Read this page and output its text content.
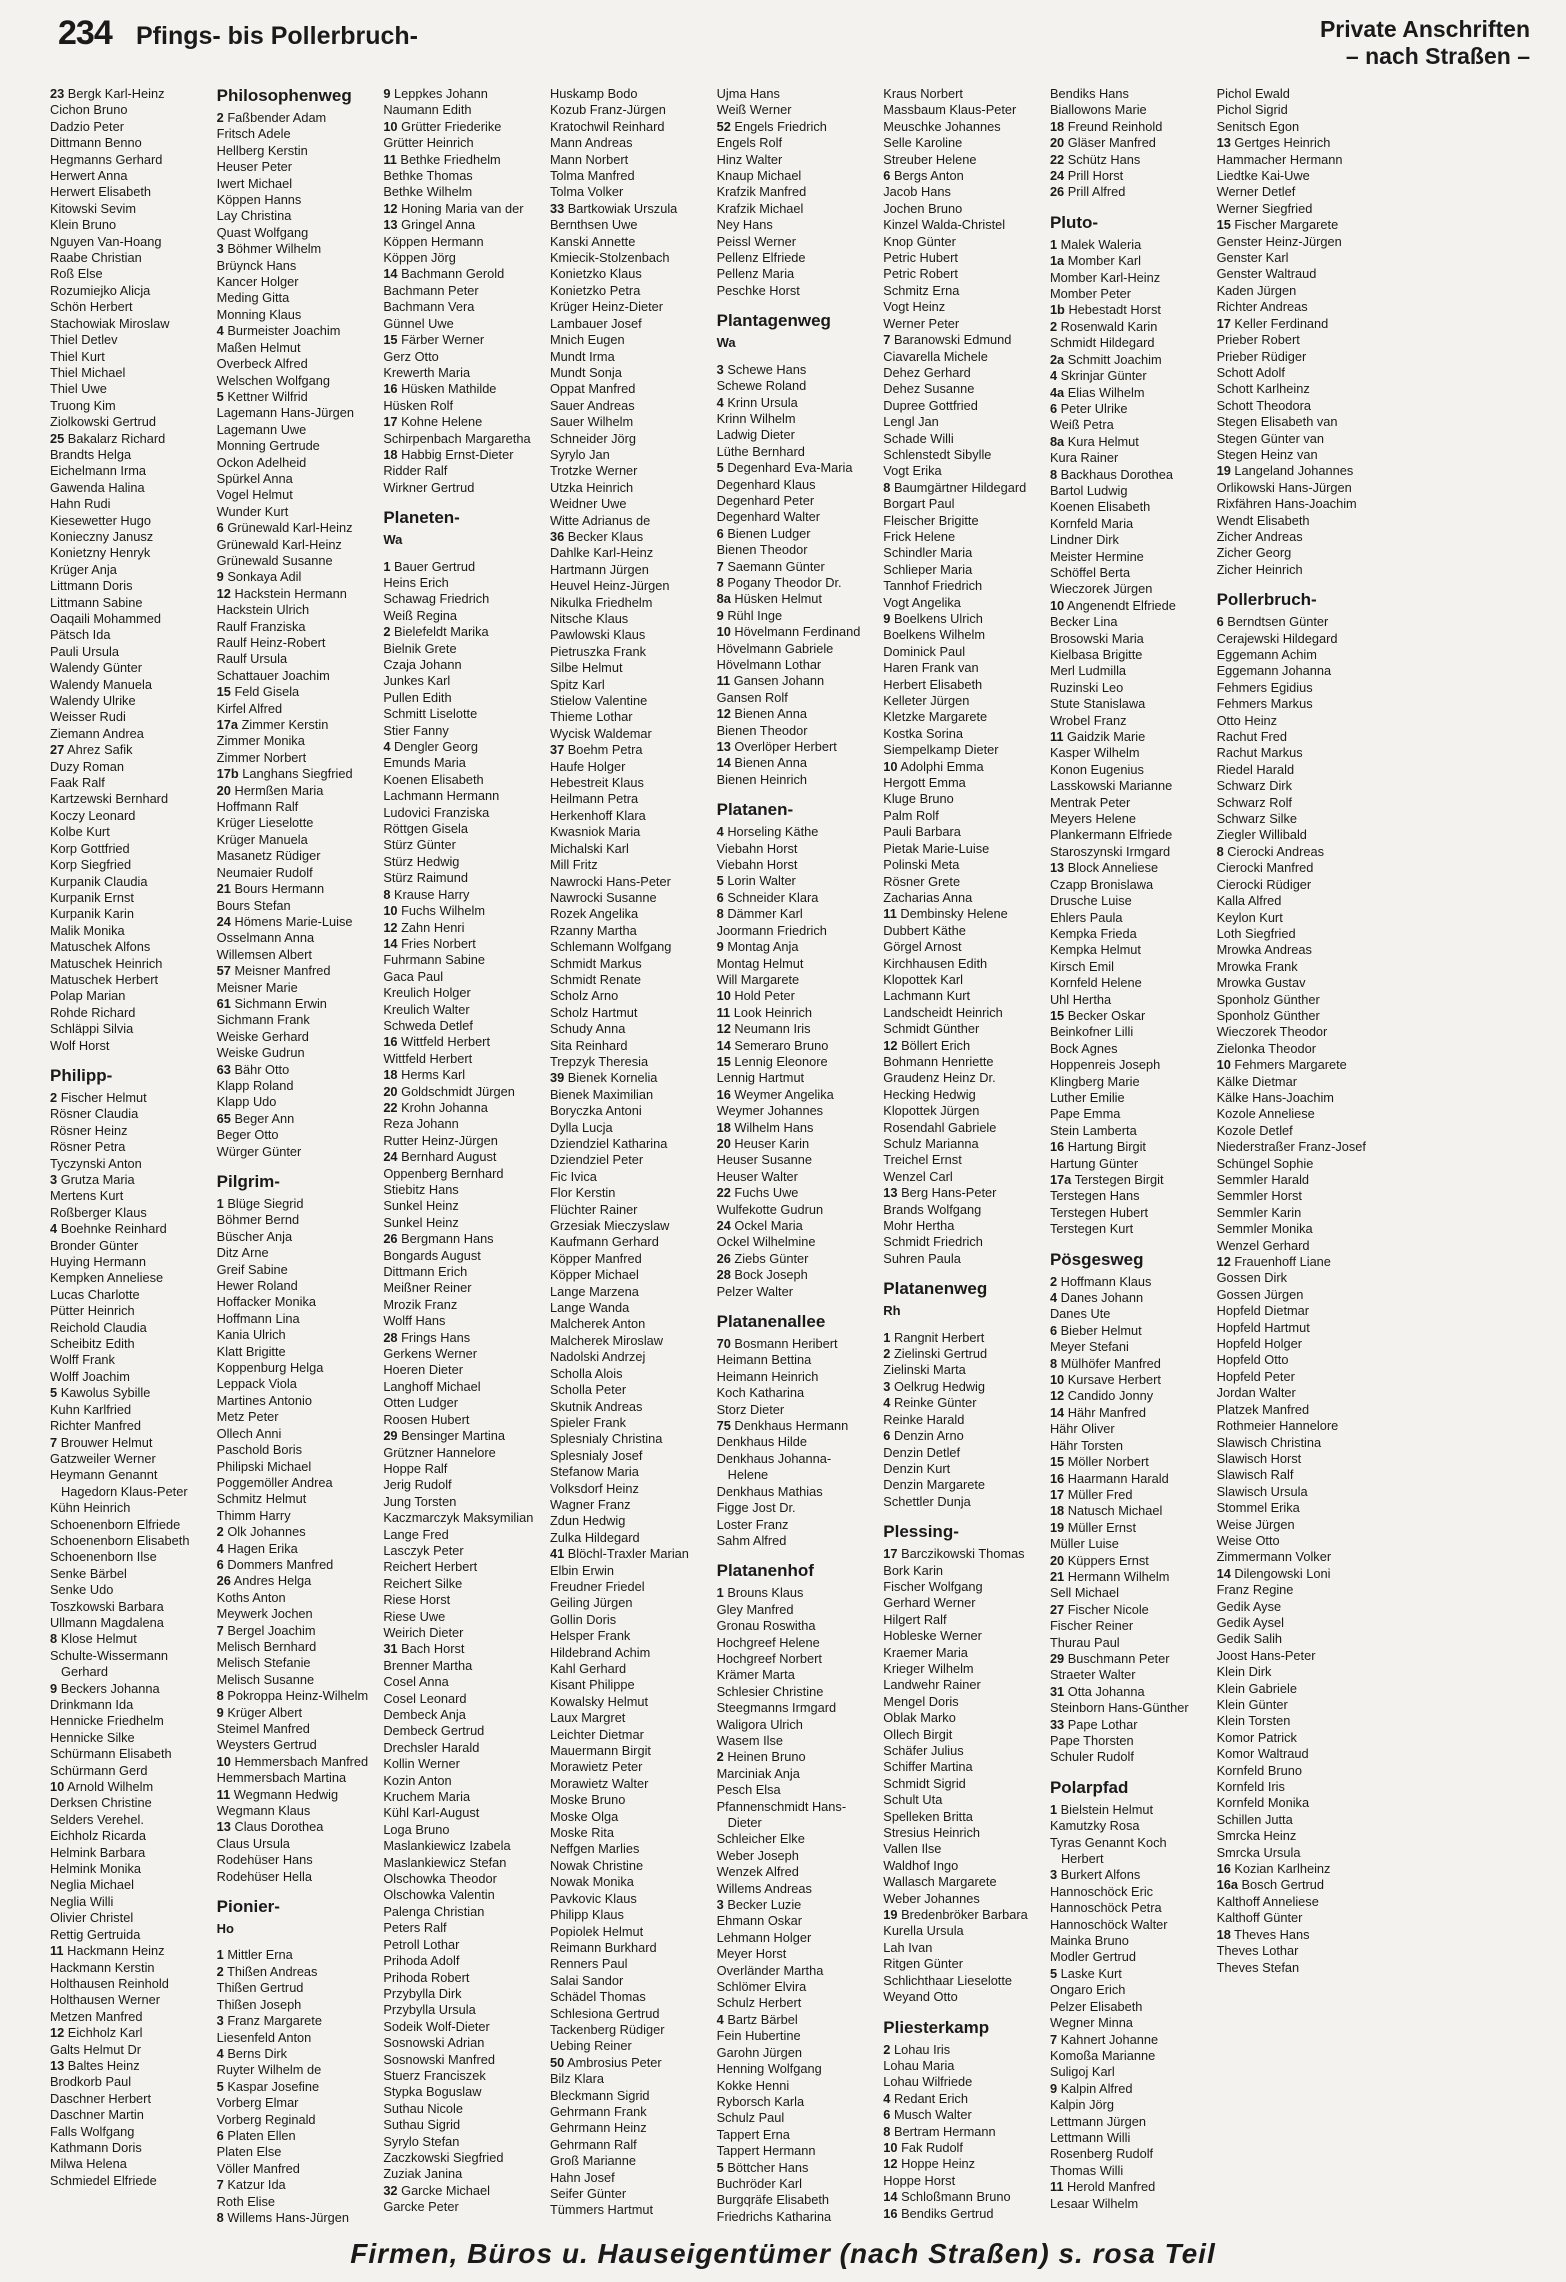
234 Pfings- bis Pollerbruch-	Private Anschriften
– nach Straßen –
23 Bergk Karl-Heinz
Cichon Bruno
Dadzio Peter
Dittmann Benno
Hegmanns Gerhard
Herwert Anna
Herwert Elisabeth
Kitowski Sevim
Klein Bruno
Nguyen Van-Hoang
Raabe Christian
Roß Else
Rozumiejko Alicja
Schön Herbert
Stachowiak Miroslaw
Thiel Detlev
Thiel Kurt
Thiel Michael
Thiel Uwe
Truong Kim
Ziolkowski Gertrud
25 Bakalarz Richard
Brandts Helga
Eichelmann Irma
Gawenda Halina
Hahn Rudi
Kiesewetter Hugo
Konieczny Janusz
Konietzny Henryk
Krüger Anja
Littmann Doris
Littmann Sabine
Oaqaili Mohammed
Pätsch Ida
Pauli Ursula
Walendy Günter
Walendy Manuela
Walendy Ulrike
Weisser Rudi
Ziemann Andrea
27 Ahrez Safik
Duzy Roman
Faak Ralf
Kartzewski Bernhard
Koczy Leonard
Kolbe Kurt
Korp Gottfried
Korp Siegfried
Kurpanik Claudia
Kurpanik Ernst
Kurpanik Karin
Malik Monika
Matuschek Alfons
Matuschek Heinrich
Matuschek Herbert
Polap Marian
Rohde Richard
Schläppi Silvia
Wolf Horst
Philipp-
2 Fischer Helmut
Rösner Claudia
Rösner Heinz
Rösner Petra
Tyczynski Anton
3 Grutza Maria
Mertens Kurt
Roßberger Klaus
4 Boehnke Reinhard
Bronder Günter
Huying Hermann
Kempken Anneliese
Lucas Charlotte
Pütter Heinrich
Reichold Claudia
Scheibitz Edith
Wolff Frank
Wolff Joachim
5 Kawolus Sybille
Kuhn Karlfried
Richter Manfred
7 Brouwer Helmut
Gatzweiler Werner
Heymann Genannt Hagedorn Klaus-Peter
Kühn Heinrich
Schoenenborn Elfriede
Schoenenborn Elisabeth
Schoenenborn Ilse
Senke Bärbel
Senke Udo
Toszkowski Barbara
Ullmann Magdalena
8 Klose Helmut
Schulte-Wissermann Gerhard
9 Beckers Johanna
Drinkmann Ida
Hennicke Friedhelm
Hennicke Silke
Schürmann Elisabeth
Schürmann Gerd
10 Arnold Wilhelm
Derksen Christine
Selders Verehel.
Eichholz Ricarda
Helmink Barbara
Helmink Monika
Neglia Michael
Neglia Willi
Olivier Christel
Rettig Gertruida
11 Hackmann Heinz
Hackmann Kerstin
Holthausen Reinhold
Holthausen Werner
Metzen Manfred
12 Eichholz Karl
Galts Helmut Dr
13 Baltes Heinz
Brodkorb Paul
Daschner Herbert
Daschner Martin
Falls Wolfgang
Kathmann Doris
Milwa Helena
Schmiedel Elfriede
Philosophenweg
2 Faßbender Adam
Fritsch Adele
Hellberg Kerstin
Heuser Peter
Iwert Michael
Köppen Hanns
Lay Christina
Quast Wolfgang
3 Böhmer Wilhelm
Brüynck Hans
Kancer Holger
Meding Gitta
Monning Klaus
4 Burmeister Joachim
Maßen Helmut
Overbeck Alfred
Welschen Wolfgang
5 Kettner Wilfrid
Lagemann Hans-Jürgen
Lagemann Uwe
Monning Gertrude
Ockon Adelheid
Spürkel Anna
Vogel Helmut
Wunder Kurt
6 Grünewald Karl-Heinz
Grünewald Karl-Heinz
Grünewald Susanne
9 Sonkaya Adil
12 Hackstein Hermann
Hackstein Ulrich
Raulf Franziska
Raulf Heinz-Robert
Raulf Ursula
Schattauer Joachim
15 Feld Gisela
Kirfel Alfred
17a Zimmer Kerstin
Zimmer Monika
Zimmer Norbert
17b Langhans Siegfried
20 Hermßen Maria
Hoffmann Ralf
Krüger Lieselotte
Krüger Manuela
Masanetz Rüdiger
Neumaier Rudolf
21 Bours Hermann
Bours Stefan
24 Hömens Marie-Luise
Osselmann Anna
Willemsen Albert
57 Meisner Manfred
Meisner Marie
61 Sichmann Erwin
Sichmann Frank
Weiske Gerhard
Weiske Gudrun
63 Bähr Otto
Klapp Roland
Klapp Udo
65 Beger Ann
Beger Otto
Würger Günter
Pilgrim-
1 Blüge Siegrid
Böhmer Bernd
Büscher Anja
Ditz Arne
Greif Sabine
Hewer Roland
Hoffacker Monika
Hoffmann Lina
Kania Ulrich
Klatt Brigitte
Koppenburg Helga
Leppack Viola
Martines Antonio
Metz Peter
Ollech Anni
Paschold Boris
Philipski Michael
Poggemöller Andrea
Schmitz Helmut
Thimm Harry
2 Olk Johannes
4 Hagen Erika
6 Dommers Manfred
26 Andres Helga
Koths Anton
Meywerk Jochen
7 Bergel Joachim
Melisch Bernhard
Melisch Stefanie
Melisch Susanne
8 Pokroppa Heinz-Wilhelm
9 Krüger Albert
Steimel Manfred
Weysters Gertrud
10 Hemmersbach Manfred
Hemmersbach Martina
11 Wegmann Hedwig
Wegmann Klaus
13 Claus Dorothea
Claus Ursula
Rodehüser Hans
Rodehüser Hella
Pionier-
Ho
1 Mittler Erna
2 Thißen Andreas
Thißen Gertrud
Thißen Joseph
3 Franz Margarete
Liesenfeld Anton
4 Berns Dirk
Ruyter Wilhelm de
5 Kaspar Josefine
Vorberg Elmar
Vorberg Reginald
6 Platen Ellen
Platen Else
Völler Manfred
7 Katzur Ida
Roth Elise
8 Willems Hans-Jürgen
9 Leppkes Johann
Naumann Edith
10 Grütter Friederike
Grütter Heinrich
11 Bethke Friedhelm
Bethke Thomas
Bethke Wilhelm
12 Honing Maria van der
13 Gringel Anna
Köppen Hermann
Köppen Jörg
14 Bachmann Gerold
Bachmann Peter
Bachmann Vera
Günnel Uwe
15 Färber Werner
Gerz Otto
Krewerth Maria
16 Hüsken Mathilde
Hüsken Rolf
17 Kohne Helene
Schirpenbach Margaretha
18 Habbig Ernst-Dieter
Ridder Ralf
Wirkner Gertrud
Planeten-
Wa
1 Bauer Gertrud
Heins Erich
Schawag Friedrich
Weiß Regina
2 Bielefeldt Marika
Bielnik Grete
Czaja Johann
Junkes Karl
Pullen Edith
Schmitt Liselotte
Stier Fanny
4 Dengler Georg
Emunds Maria
Koenen Elisabeth
Lachmann Hermann
Ludovici Franziska
Röttgen Gisela
Stürz Günter
Stürz Hedwig
Stürz Raimund
8 Krause Harry
10 Fuchs Wilhelm
12 Zahn Henri
14 Fries Norbert
Fuhrmann Sabine
Gaca Paul
Kreulich Holger
Kreulich Walter
Schweda Detlef
16 Wittfeld Herbert
Wittfeld Herbert
18 Herms Karl
20 Goldschmidt Jürgen
22 Krohn Johanna
Reza Johann
Rutter Heinz-Jürgen
24 Bernhard August
Oppenberg Bernhard
Stiebitz Hans
Sunkel Heinz
Sunkel Heinz
26 Bergmann Hans
Bongards August
Dittmann Erich
Meißner Reiner
Mrozik Franz
Wolff Hans
28 Frings Hans
Gerkens Werner
Hoeren Dieter
Langhoff Michael
Otten Ludger
Roosen Hubert
29 Bensinger Martina
Grützner Hannelore
Hoppe Ralf
Jerig Rudolf
Jung Torsten
Kaczmarczyk Maksymilian
Lange Fred
Lasczyk Peter
Reichert Herbert
Reichert Silke
Riese Horst
Riese Uwe
Weirich Dieter
31 Bach Horst
Brenner Martha
Cosel Anna
Cosel Leonard
Dembeck Anja
Dembeck Gertrud
Drechsler Harald
Kollin Werner
Kozin Anton
Kruchem Maria
Kühl Karl-August
Loga Bruno
Maslankiewicz Izabela
Maslankiewicz Stefan
Olschowka Theodor
Olschowka Valentin
Palenga Christian
Peters Ralf
Petroll Lothar
Prihoda Adolf
Prihoda Robert
Przybylla Dirk
Przybylla Ursula
Sodeik Wolf-Dieter
Sosnowski Adrian
Sosnowski Manfred
Stuerz Franciszek
Stypka Boguslaw
Suthau Nicole
Suthau Sigrid
Syrylo Stefan
Zaczkowski Siegfried
Zuziak Janina
32 Garcke Michael
Garcke Peter
Huskamp Bodo
Kozub Franz-Jürgen
Kratochwil Reinhard
Mann Andreas
Mann Norbert
Tolma Manfred
Tolma Volker
33 Bartkowiak Urszula
Bernthsen Uwe
Kanski Annette
Kmiecik-Stolzenbach
Konietzko Klaus
Konietzko Petra
Krüger Heinz-Dieter
Lambauer Josef
Mnich Eugen
Mundt Irma
Mundt Sonja
Oppat Manfred
Sauer Andreas
Sauer Wilhelm
Schneider Jörg
Syrylo Jan
Trotzke Werner
Utzka Heinrich
Weidner Uwe
Witte Adrianus de
36 Becker Klaus
Dahlke Karl-Heinz
Hartmann Jürgen
Heuvel Heinz-Jürgen
Nikulka Friedhelm
Nitsche Klaus
Pawlowski Klaus
Pietruszka Frank
Silbe Helmut
Spitz Karl
Stielow Valentine
Thieme Lothar
Wycisk Waldemar
37 Boehm Petra
Haufe Holger
Hebestreit Klaus
Heilmann Petra
Herkenhoff Klara
Kwasniok Maria
Michalski Karl
Mill Fritz
Nawrocki Hans-Peter
Nawrocki Susanne
Rozek Angelika
Rzanny Martha
Schlemann Wolfgang
Schmidt Markus
Schmidt Renate
Scholz Arno
Scholz Hartmut
Schudy Anna
Sita Reinhard
Trepzyk Theresia
39 Bienek Kornelia
Bienek Maximilian
Boryczka Antoni
Dylla Lucja
Dziendziel Katharina
Dziendziel Peter
Fic Ivica
Flor Kerstin
Flüchter Rainer
Grzesiak Mieczyslaw
Kaufmann Gerhard
Köpper Manfred
Köpper Michael
Lange Marzena
Lange Wanda
Malcherek Anton
Malcherek Miroslaw
Nadolski Andrzej
Scholla Alois
Scholla Peter
Skutnik Andreas
Spieler Frank
Splesnialy Christina
Splesnialy Josef
Stefanow Maria
Volksdorf Heinz
Wagner Franz
Zdun Hedwig
Zulka Hildegard
41 Blöchl-Traxler Marian
Elbin Erwin
Freudner Friedel
Geiling Jürgen
Gollin Doris
Helsper Frank
Hildebrand Achim
Kahl Gerhard
Kisant Philippe
Kowalsky Helmut
Laux Margret
Leichter Dietmar
Mauermann Birgit
Morawietz Peter
Morawietz Walter
Moske Bruno
Moske Olga
Moske Rita
Neffgen Marlies
Nowak Christine
Nowak Monika
Pavkovic Klaus
Philipp Klaus
Popiolek Helmut
Reimann Burkhard
Renners Paul
Salai Sandor
Schädel Thomas
Schlesiona Gertrud
Tackenberg Rüdiger
Uebing Reiner
50 Ambrosius Peter
Bilz Klara
Bleckmann Sigrid
Gehrmann Frank
Gehrmann Heinz
Gehrmann Ralf
Groß Marianne
Hahn Josef
Seifer Günter
Tümmers Hartmut
Ujma Hans
Weiß Werner
52 Engels Friedrich
Engels Rolf
Hinz Walter
Knaup Michael
Krafzik Manfred
Krafzik Michael
Ney Hans
Peissl Werner
Pellenz Elfriede
Pellenz Maria
Peschke Horst
Plantagenweg
Wa
3 Schewe Hans
Schewe Roland
4 Krinn Ursula
Krinn Wilhelm
Ladwig Dieter
Lüthe Bernhard
5 Degenhard Eva-Maria
Degenhard Klaus
Degenhard Peter
Degenhard Walter
6 Bienen Ludger
Bienen Theodor
7 Saemann Günter
8 Pogany Theodor Dr.
8a Hüsken Helmut
9 Rühl Inge
10 Hövelmann Ferdinand
Hövelmann Gabriele
Hövelmann Lothar
11 Gansen Johann
Gansen Rolf
12 Bienen Anna
Bienen Theodor
13 Overlöper Herbert
14 Bienen Anna
Bienen Heinrich
Platanen-
4 Horseling Käthe
Viebahn Horst
Viebahn Horst
5 Lorin Walter
6 Schneider Klara
8 Dämmer Karl
Joormann Friedrich
9 Montag Anja
Montag Helmut
Will Margarete
10 Hold Peter
11 Look Heinrich
12 Neumann Iris
14 Semeraro Bruno
15 Lennig Eleonore
Lennig Hartmut
16 Weymer Angelika
Weymer Johannes
18 Wilhelm Hans
20 Heuser Karin
Heuser Susanne
Heuser Walter
22 Fuchs Uwe
Wulfekotte Gudrun
24 Ockel Maria
Ockel Wilhelmine
26 Ziebs Günter
28 Bock Joseph
Pelzer Walter
Platanenallee
70 Bosmann Heribert
Heimann Bettina
Heimann Heinrich
Koch Katharina
Storz Dieter
75 Denkhaus Hermann
Denkhaus Hilde
Denkhaus Johanna-Helene
Denkhaus Mathias
Figge Jost Dr.
Loster Franz
Sahm Alfred
Platanenhof
1 Brouns Klaus
Gley Manfred
Gronau Roswitha
Hochgreef Helene
Hochgreef Norbert
Krämer Marta
Schlesier Christine
Steegmanns Irmgard
Waligora Ulrich
Wasem Ilse
2 Heinen Bruno
Marciniak Anja
Pesch Elsa
Pfannenschmidt Hans-Dieter
Schleicher Elke
Weber Joseph
Wenzek Alfred
Willems Andreas
3 Becker Luzie
Ehmann Oskar
Lehmann Holger
Meyer Horst
Overländer Martha
Schlömer Elvira
Schulz Herbert
4 Bartz Bärbel
Fein Hubertine
Garohn Jürgen
Henning Wolfgang
Kokke Henni
Ryborsch Karla
Schulz Paul
Tappert Erna
Tappert Hermann
5 Böttcher Hans
Buchröder Karl
Burgqräfe Elisabeth
Friedrichs Katharina
Kraus Norbert
Massbaum Klaus-Peter
Meuschke Johannes
Selle Karoline
Streuber Helene
6 Bergs Anton
Jacob Hans
Jochen Bruno
Kinzel Walda-Christel
Knop Günter
Petric Hubert
Petric Robert
Schmitz Erna
Vogt Heinz
Werner Peter
7 Baranowski Edmund
Ciavarella Michele
Dehez Gerhard
Dehez Susanne
Dupree Gottfried
Lengl Jan
Schade Willi
Schlenstedt Sibylle
Vogt Erika
8 Baumgärtner Hildegard
Borgart Paul
Fleischer Brigitte
Frick Helene
Schindler Maria
Schlieper Maria
Tannhof Friedrich
Vogt Angelika
9 Boelkens Ulrich
Boelkens Wilhelm
Dominick Paul
Haren Frank van
Herbert Elisabeth
Kelleter Jürgen
Kletzke Margarete
Kostka Sorina
Siempelkamp Dieter
10 Adolphi Emma
Hergott Emma
Kluge Bruno
Palm Rolf
Pauli Barbara
Pietak Marie-Luise
Polinski Meta
Rösner Grete
Zacharias Anna
11 Dembinsky Helene
Dubbert Käthe
Görgel Arnost
Kirchhausen Edith
Klopottek Karl
Lachmann Kurt
Landscheidt Heinrich
Schmidt Günther
12 Böllert Erich
Bohmann Henriette
Graudenz Heinz Dr.
Hecking Hedwig
Klopottek Jürgen
Rosendahl Gabriele
Schulz Marianna
Treichel Ernst
Wenzel Carl
13 Berg Hans-Peter
Brands Wolfgang
Mohr Hertha
Schmidt Friedrich
Suhren Paula
Platanenweg
Rh
1 Rangnit Herbert
2 Zielinski Gertrud
Zielinski Marta
3 Oelkrug Hedwig
4 Reinke Günter
Reinke Harald
6 Denzin Arno
Denzin Detlef
Denzin Kurt
Denzin Margarete
Schettler Dunja
Plessing-
17 Barczikowski Thomas
Bork Karin
Fischer Wolfgang
Gerhard Werner
Hilgert Ralf
Hobleske Werner
Kraemer Maria
Krieger Wilhelm
Landwehr Rainer
Mengel Doris
Oblak Marko
Ollech Birgit
Schäfer Julius
Schiffer Martina
Schmidt Sigrid
Schult Uta
Spelleken Britta
Stresius Heinrich
Vallen Ilse
Waldhof Ingo
Wallasch Margarete
Weber Johannes
19 Bredenbröker Barbara
Kurella Ursula
Lah Ivan
Ritgen Günter
Schlichthaar Lieselotte
Weyand Otto
Pliesterkamp
2 Lohau Iris
Lohau Maria
Lohau Wilfriede
4 Redant Erich
6 Musch Walter
8 Bertram Hermann
10 Fak Rudolf
12 Hoppe Heinz
Hoppe Horst
14 Schloßmann Bruno
16 Bendiks Gertrud
Bendiks Hans
Biallowons Marie
18 Freund Reinhold
20 Gläser Manfred
22 Schütz Hans
24 Prill Horst
26 Prill Alfred
Pluto-
1 Malek Waleria
1a Momber Karl
Momber Karl-Heinz
Momber Peter
1b Hebestadt Horst
2 Rosenwald Karin
Schmidt Hildegard
2a Schmitt Joachim
4 Skrinjar Günter
4a Elias Wilhelm
6 Peter Ulrike
Weiß Petra
8a Kura Helmut
Kura Rainer
8 Backhaus Dorothea
Bartol Ludwig
Koenen Elisabeth
Kornfeld Maria
Lindner Dirk
Meister Hermine
Schöffel Berta
Wieczorek Jürgen
10 Angenendt Elfriede
Becker Lina
Brosowski Maria
Kielbasa Brigitte
Merl Ludmilla
Ruzinski Leo
Stute Stanislawa
Wrobel Franz
11 Gaidzik Marie
Kasper Wilhelm
Konon Eugenius
Lasskowski Marianne
Mentrak Peter
Meyers Helene
Plankermann Elfriede
Staroszynski Irmgard
13 Block Anneliese
Czapp Bronislawa
Drusche Luise
Ehlers Paula
Kempka Frieda
Kempka Helmut
Kirsch Emil
Kornfeld Helene
Uhl Hertha
15 Becker Oskar
Beinkofner Lilli
Bock Agnes
Hoppenreis Joseph
Klingberg Marie
Luther Emilie
Pape Emma
Stein Lamberta
16 Hartung Birgit
Hartung Günter
17a Terstegen Birgit
Terstegen Hans
Terstegen Hubert
Terstegen Kurt
Pösgesweg
2 Hoffmann Klaus
4 Danes Johann
Danes Ute
6 Bieber Helmut
Meyer Stefani
8 Mülhöfer Manfred
10 Kursave Herbert
12 Candido Jonny
14 Hähr Manfred
Hähr Oliver
Hähr Torsten
15 Möller Norbert
16 Haarmann Harald
17 Müller Fred
18 Natusch Michael
19 Müller Ernst
Müller Luise
20 Küppers Ernst
21 Hermann Wilhelm
Sell Michael
27 Fischer Nicole
Fischer Reiner
Thurau Paul
29 Buschmann Peter
Straeter Walter
31 Otta Johanna
Steinborn Hans-Günther
33 Pape Lothar
Pape Thorsten
Schuler Rudolf
Polarpfad
1 Bielstein Helmut
Kamutzky Rosa
Tyras Genannt Koch Herbert
3 Burkert Alfons
Hannoschöck Eric
Hannoschöck Petra
Hannoschöck Walter
Mainka Bruno
Modler Gertrud
5 Laske Kurt
Ongaro Erich
Pelzer Elisabeth
Wegner Minna
7 Kahnert Johanne
Komoßa Marianne
Suligoj Karl
9 Kalpin Alfred
Kalpin Jörg
Lettmann Jürgen
Lettmann Willi
Rosenberg Rudolf
Thomas Willi
11 Herold Manfred
Lesaar Wilhelm
Pichol Ewald
Pichol Sigrid
Senitsch Egon
13 Gertges Heinrich
Hammacher Hermann
Liedtke Kai-Uwe
Werner Detlef
Werner Siegfried
15 Fischer Margarete
Genster Heinz-Jürgen
Genster Karl
Genster Waltraud
Kaden Jürgen
Richter Andreas
17 Keller Ferdinand
Prieber Robert
Prieber Rüdiger
Schott Adolf
Schott Karlheinz
Schott Theodora
Stegen Elisabeth van
Stegen Günter van
Stegen Heinz van
19 Langeland Johannes
Orlikowski Hans-Jürgen
Rixfähren Hans-Joachim
Wendt Elisabeth
Zicher Andreas
Zicher Georg
Zicher Heinrich
Pollerbruch-
6 Berndtsen Günter
Cerajewski Hildegard
Eggemann Achim
Eggemann Johanna
Fehmers Egidius
Fehmers Markus
Otto Heinz
Rachut Fred
Rachut Markus
Riedel Harald
Schwarz Dirk
Schwarz Rolf
Schwarz Silke
Ziegler Willibald
8 Cierocki Andreas
Cierocki Manfred
Cierocki Rüdiger
Kalla Alfred
Keylon Kurt
Loth Siegfried
Mrowka Andreas
Mrowka Frank
Mrowka Gustav
Sponholz Günther
Sponholz Günther
Wieczorek Theodor
Zielonka Theodor
10 Fehmers Margarete
Kälke Dietmar
Kälke Hans-Joachim
Kozole Anneliese
Kozole Detlef
Niederstraßer Franz-Josef
Schüngel Sophie
Semmler Harald
Semmler Horst
Semmler Karin
Semmler Monika
Wenzel Gerhard
12 Frauenhoff Liane
Gossen Dirk
Gossen Jürgen
Hopfeld Dietmar
Hopfeld Hartmut
Hopfeld Holger
Hopfeld Otto
Hopfeld Peter
Jordan Walter
Platzek Manfred
Rothmeier Hannelore
Slawisch Christina
Slawisch Horst
Slawisch Ralf
Slawisch Ursula
Stommel Erika
Weise Jürgen
Weise Otto
Zimmermann Volker
14 Dilengowski Loni
Franz Regine
Gedik Ayse
Gedik Aysel
Gedik Salih
Joost Hans-Peter
Klein Dirk
Klein Gabriele
Klein Günter
Klein Torsten
Komor Patrick
Komor Waltraud
Kornfeld Bruno
Kornfeld Iris
Kornfeld Monika
Schillen Jutta
Smrcka Heinz
Smrcka Ursula
16 Kozian Karlheinz
16a Bosch Gertrud
Kalthoff Anneliese
Kalthoff Günter
18 Theves Hans
Theves Lothar
Theves Stefan
Firmen, Büros u. Hauseigentümer (nach Straßen) s. rosa Teil
